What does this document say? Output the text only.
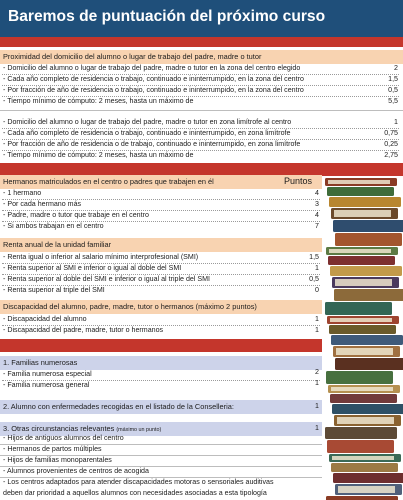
Baremos de puntuación del próximo curso
Proximidad del domicilio del alumno o lugar de trabajo del padre, madre o tutor
- Domicilio del alumno o lugar de trabajo del padre, madre o tutor en la zona del centro elegido	2
- Cada año completo de residencia o trabajo, continuado e ininterrumpido, en la zona del centro	1,5
- Por fracción de año de residencia o trabajo, continuado e ininterrumpido, en la zona del centro	0,5
- Tiempo mínimo de cómputo: 2 meses, hasta un máximo de	5,5
- Domicilio del alumno o lugar de trabajo del padre, madre o tutor en zona limítrofe al centro	1
- Cada año completo de residencia o trabajo, continuado e ininterrumpido, en zona limítrofe	0,75
- Por fracción de año de residencia o de trabajo, continuado e ininterrumpido, en zona limítrofe	0,25
- Tiempo mínimo de cómputo: 2 meses, hasta un máximo de	2,75
Hermanos matriculados en el centro o padres que trabajen en él	Puntos
- 1 hermano	4
- Por cada hermano más	3
- Padre, madre o tutor que trabaje en el centro	4
- Si ambos trabajan en el centro	7
Renta anual de la unidad familiar
- Renta igual o inferior al salario mínimo interprofesional (SMI)	1,5
- Renta superior al SMI e inferior o igual al doble del SMI	1
- Renta superior al doble del SMI e inferior o igual al triple del SMI	0,5
- Renta superior al triple del SMI	0
Discapacidad del alumno, padre, madre, tutor o hermanos (máximo 2 puntos)
- Discapacidad del alumno	1
- Discapacidad del padre, madre, tutor o hermanos	1
1. Familias numerosas
- Familia numerosa especial	2
- Familia numerosa general	1
2. Alumno con enfermedades recogidas en el listado de la Conselleria:	1
3. Otras circunstancias relevantes (máximo un punto)	1
- Hijos de antiguos alumnos del centro
- Hermanos de partos múltiples
- Hijos de familias monoparentales
- Alumnos provenientes de centros de acogida
- Los centros adaptados para atender discapacidades motoras o sensoriales auditivas
deben dar prioridad a aquellos alumnos con necesidades asociadas a esta tipología
